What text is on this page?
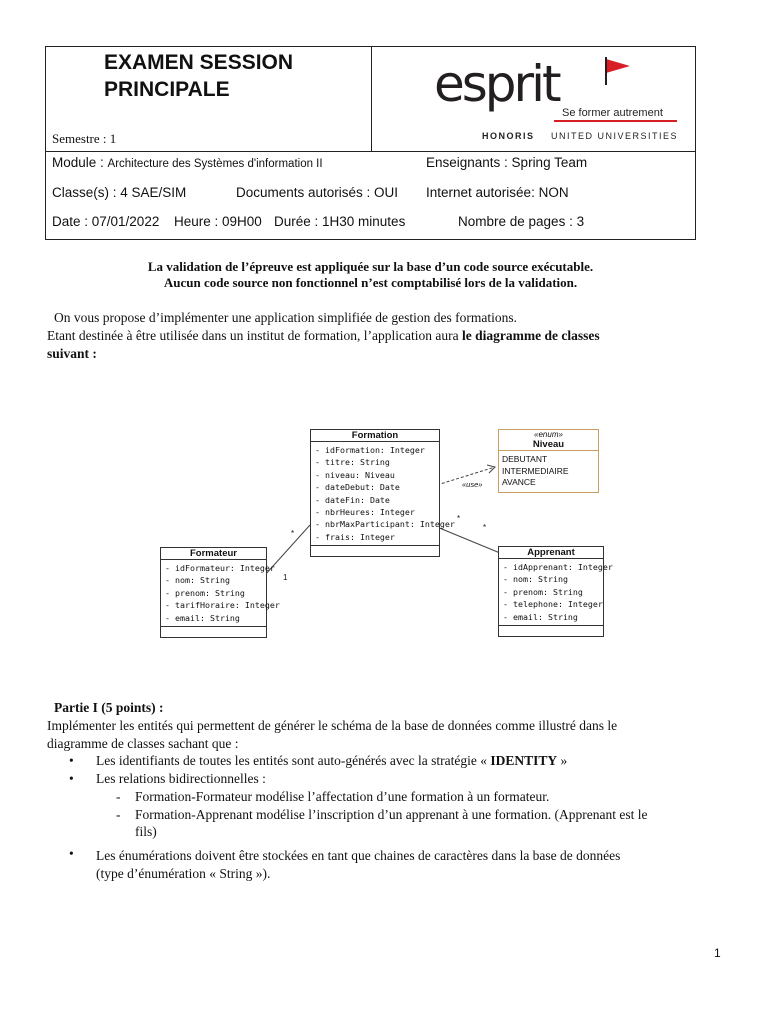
EXAMEN SESSION
PRINCIPALE
Semestre : 1
esprit Se former autrement
HONORIS UNITED UNIVERSITIES
Module : Architecture des Systèmes d'information II	Enseignants : Spring Team
Classe(s) : 4 SAE/SIM	Documents autorisés : OUI Internet autorisée: NON
Date : 07/01/2022 Heure : 09H00 Durée : 1H30 minutes	Nombre de pages : 3
La validation de l’épreuve est appliquée sur la base d’un code source exécutable.
Aucun code source non fonctionnel n’est comptabilisé lors de la validation.
On vous propose d’implémenter une application simplifiée de gestion des formations.
Etant destinée à être utilisée dans un institut de formation, l’application aura le diagramme de classes
suivant :
Formation
- idFormation: Integer
- titre: String
- niveau: Niveau
- dateDebut: Date
- dateFin: Date
- nbrHeures: Integer
- nbrMaxParticipant: Integer
- frais: Integer
«enum»
Niveau
DEBUTANT
INTERMEDIAIRE
AVANCE
Formateur
- idFormateur: Integer
- nom: String
- prenom: String
- tarifHoraire: Integer
- email: String
Apprenant
- idApprenant: Integer
- nom: String
- prenom: String
- telephone: Integer
- email: String
«use»
*
1
*
*
Partie I (5 points) :
Implémenter les entités qui permettent de générer le schéma de la base de données comme illustré dans le
diagramme de classes sachant que :
• Les identifiants de toutes les entités sont auto-générés avec la stratégie « IDENTITY »
• Les relations bidirectionnelles :
- Formation-Formateur modélise l’affectation d’une formation à un formateur.
- Formation-Apprenant modélise l’inscription d’un apprenant à une formation. (Apprenant est le
fils)
• Les énumérations doivent être stockées en tant que chaines de caractères dans la base de données
(type d’énumération « String »).
1
